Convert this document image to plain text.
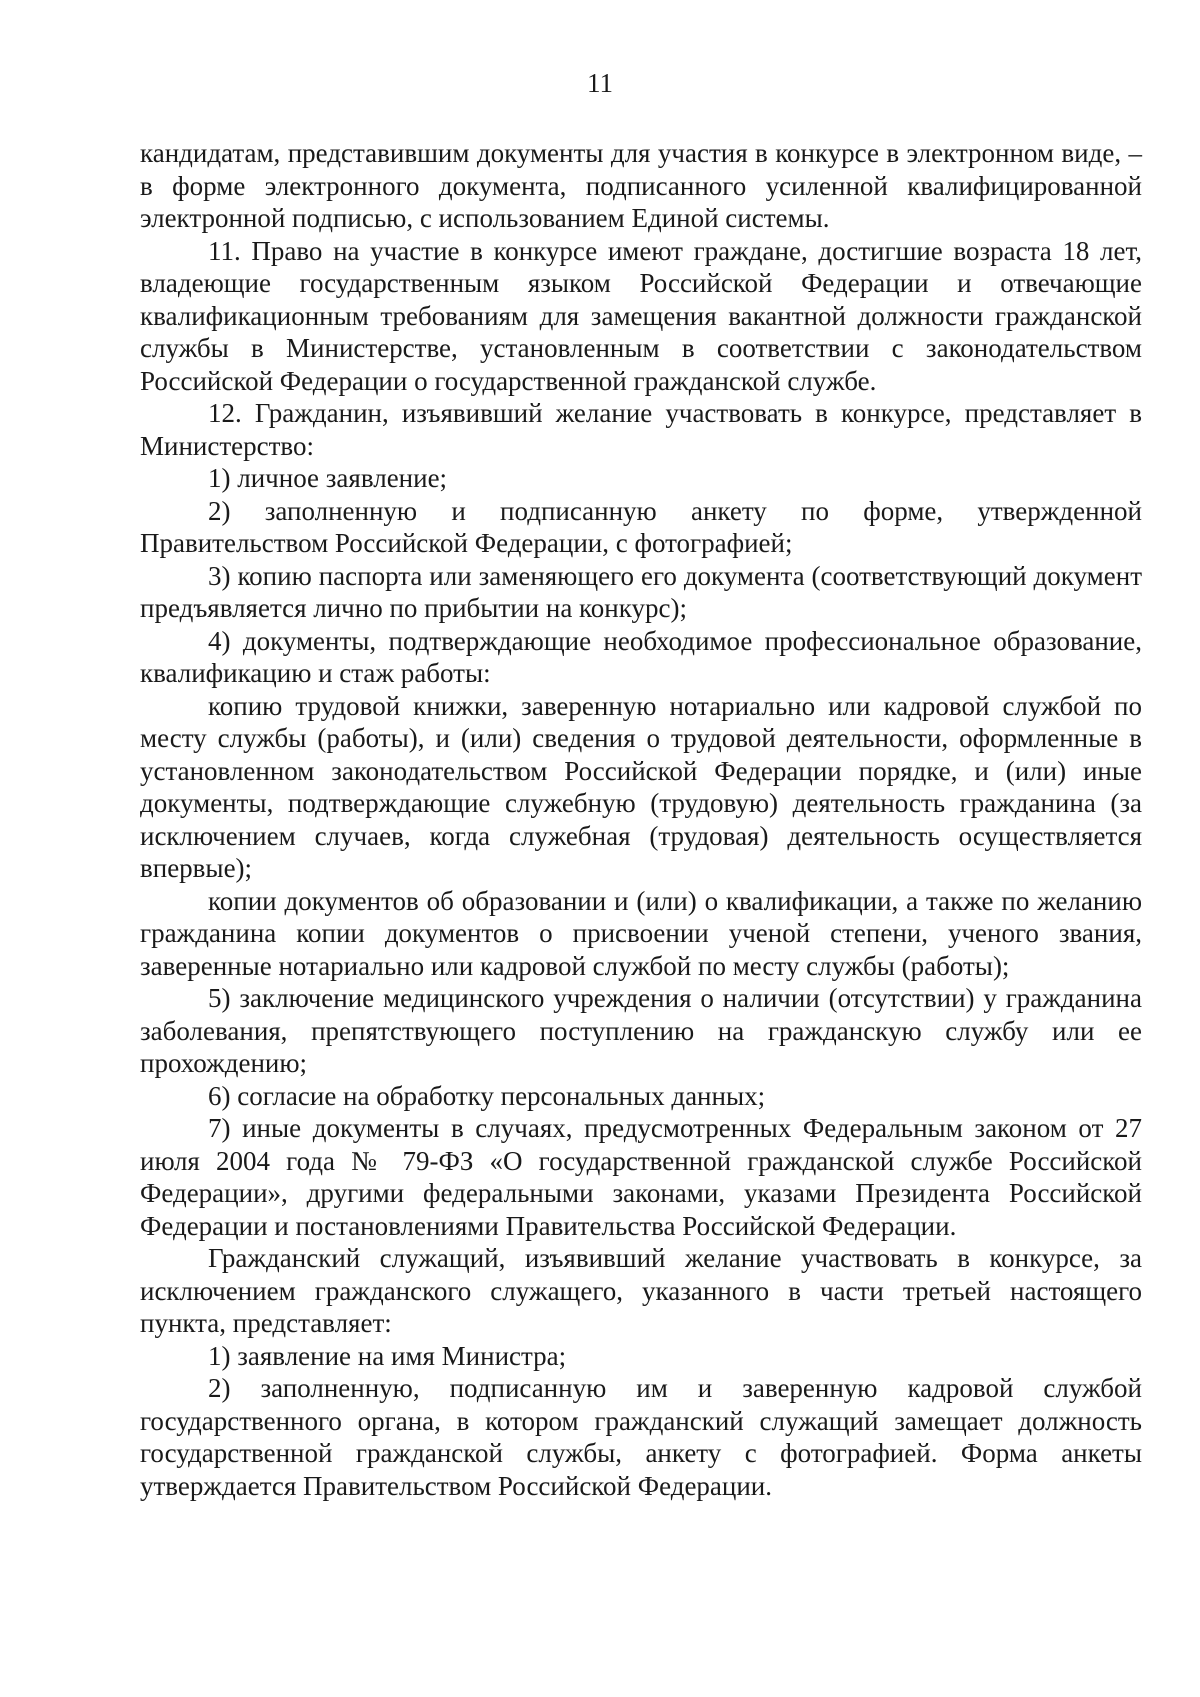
11

кандидатам, представившим документы для участия в конкурсе в электронном виде, – в форме электронного документа, подписанного усиленной квалифицированной электронной подписью, с использованием Единой системы.

11. Право на участие в конкурсе имеют граждане, достигшие возраста 18 лет, владеющие государственным языком Российской Федерации и отвечающие квалификационным требованиям для замещения вакантной должности гражданской службы в Министерстве, установленным в соответствии с законодательством Российской Федерации о государственной гражданской службе.

12. Гражданин, изъявивший желание участвовать в конкурсе, представляет в Министерство:

1) личное заявление;

2) заполненную и подписанную анкету по форме, утвержденной Правительством Российской Федерации, с фотографией;

3) копию паспорта или заменяющего его документа (соответствующий документ предъявляется лично по прибытии на конкурс);

4) документы, подтверждающие необходимое профессиональное образование, квалификацию и стаж работы:

копию трудовой книжки, заверенную нотариально или кадровой службой по месту службы (работы), и (или) сведения о трудовой деятельности, оформленные в установленном законодательством Российской Федерации порядке, и (или) иные документы, подтверждающие служебную (трудовую) деятельность гражданина (за исключением случаев, когда служебная (трудовая) деятельность осуществляется впервые);

копии документов об образовании и (или) о квалификации, а также по желанию гражданина копии документов о присвоении ученой степени, ученого звания, заверенные нотариально или кадровой службой по месту службы (работы);

5) заключение медицинского учреждения о наличии (отсутствии) у гражданина заболевания, препятствующего поступлению на гражданскую службу или ее прохождению;

6) согласие на обработку персональных данных;

7) иные документы в случаях, предусмотренных Федеральным законом от 27 июля 2004 года № 79-ФЗ «О государственной гражданской службе Российской Федерации», другими федеральными законами, указами Президента Российской Федерации и постановлениями Правительства Российской Федерации.

Гражданский служащий, изъявивший желание участвовать в конкурсе, за исключением гражданского служащего, указанного в части третьей настоящего пункта, представляет:

1) заявление на имя Министра;

2) заполненную, подписанную им и заверенную кадровой службой государственного органа, в котором гражданский служащий замещает должность государственной гражданской службы, анкету с фотографией. Форма анкеты утверждается Правительством Российской Федерации.
